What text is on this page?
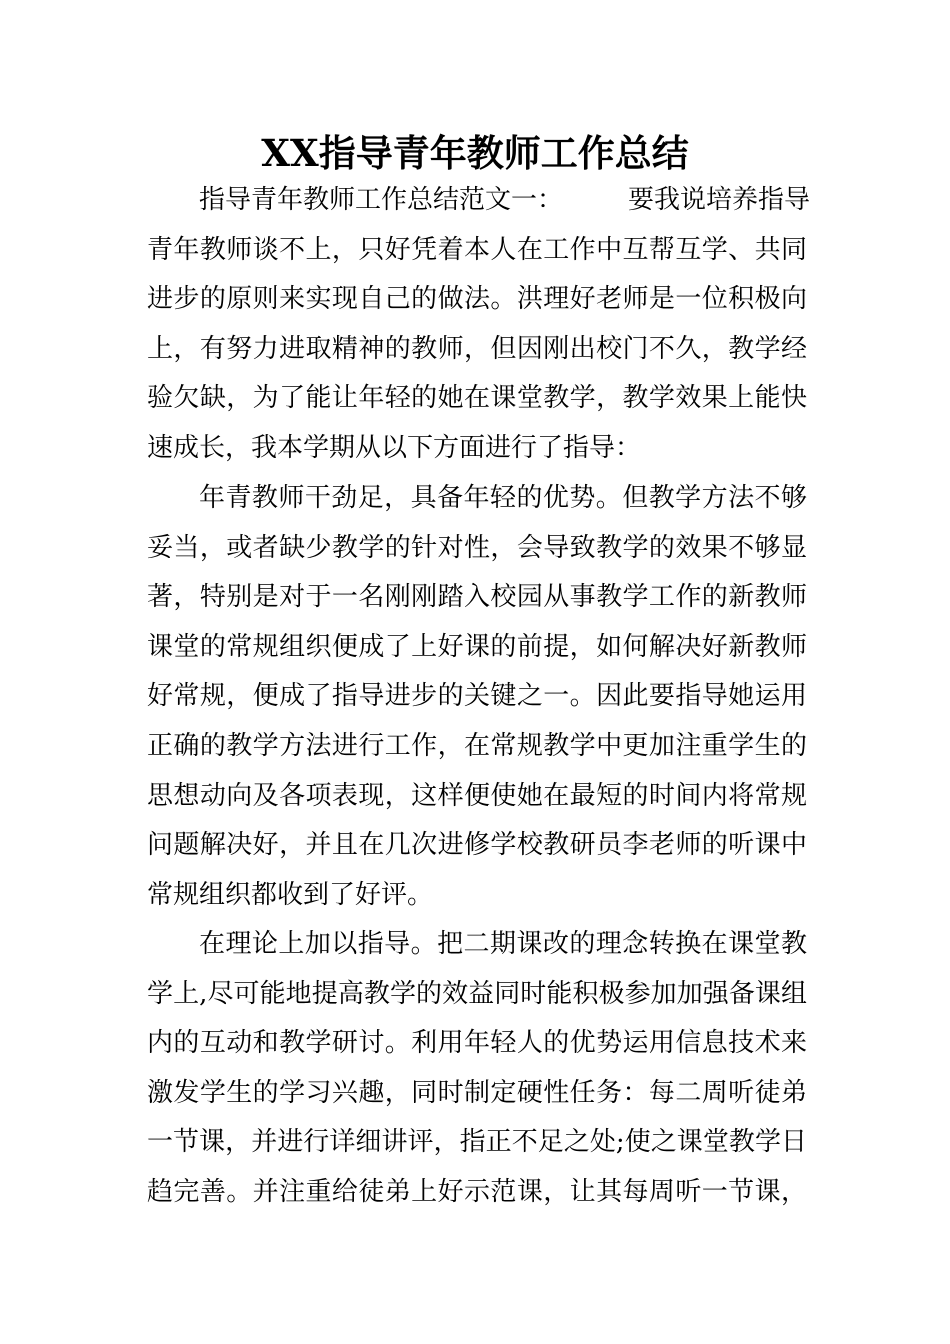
XX指导青年教师工作总结
指导青年教师工作总结范文一：　　　要我说培养指导
青年教师谈不上，只好凭着本人在工作中互帮互学、共同
进步的原则来实现自己的做法。洪理好老师是一位积极向
上，有努力进取精神的教师，但因刚出校门不久，教学经
验欠缺，为了能让年轻的她在课堂教学，教学效果上能快
速成长，我本学期从以下方面进行了指导：
年青教师干劲足，具备年轻的优势。但教学方法不够
妥当，或者缺少教学的针对性，会导致教学的效果不够显
著，特别是对于一名刚刚踏入校园从事教学工作的新教师
课堂的常规组织便成了上好课的前提，如何解决好新教师
好常规，便成了指导进步的关键之一。因此要指导她运用
正确的教学方法进行工作，在常规教学中更加注重学生的
思想动向及各项表现，这样便使她在最短的时间内将常规
问题解决好，并且在几次进修学校教研员李老师的听课中
常规组织都收到了好评。
在理论上加以指导。把二期课改的理念转换在课堂教
学上,尽可能地提高教学的效益同时能积极参加加强备课组
内的互动和教学研讨。利用年轻人的优势运用信息技术来
激发学生的学习兴趣，同时制定硬性任务：每二周听徒弟
一节课，并进行详细讲评，指正不足之处;使之课堂教学日
趋完善。并注重给徒弟上好示范课，让其每周听一节课，
